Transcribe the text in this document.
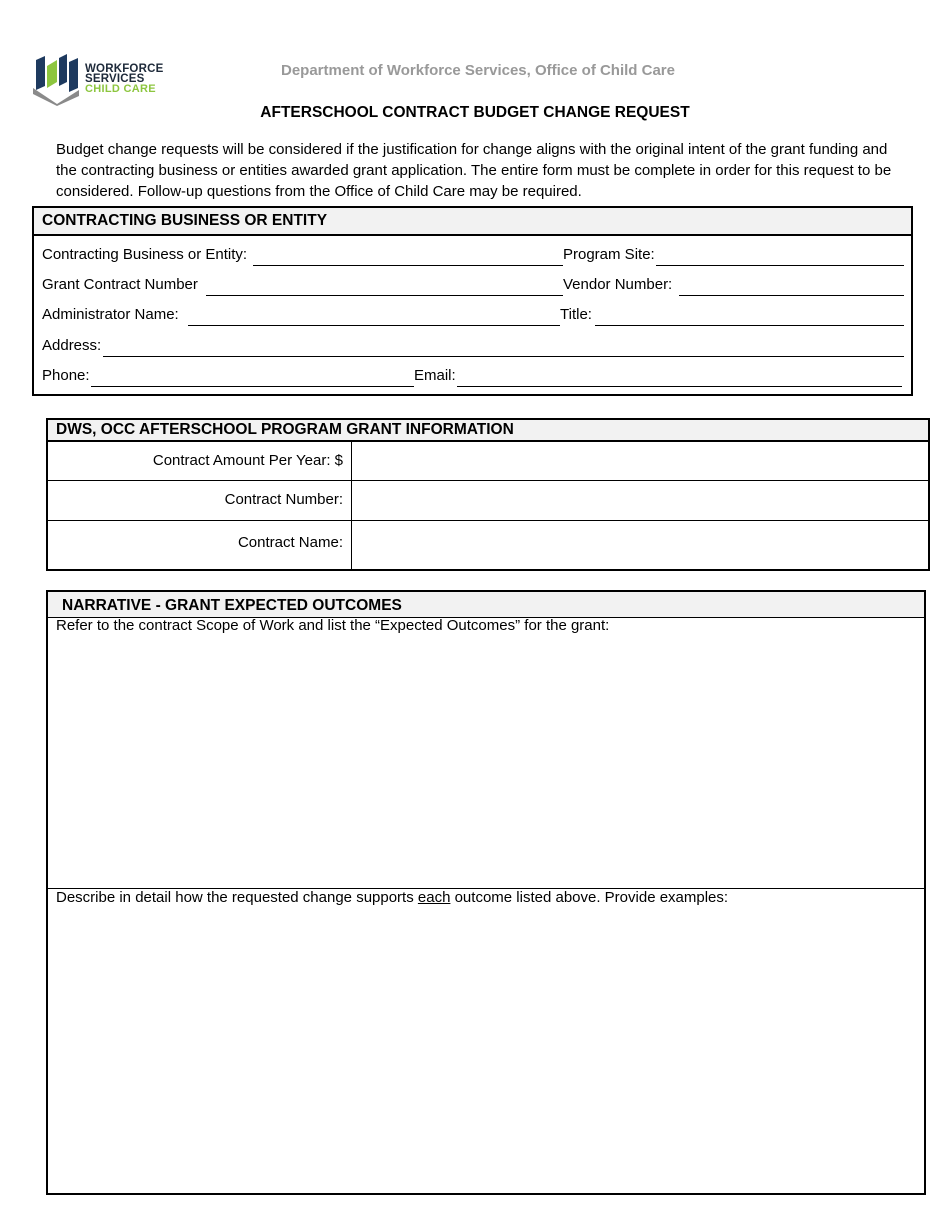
WORKFORCE
SERVICES
CHILD CARE
Department of Workforce Services, Office of Child Care
AFTERSCHOOL CONTRACT BUDGET CHANGE REQUEST
Budget change requests will be considered if the justification for change aligns with the original intent of the grant funding and the contracting business or entities awarded grant application. The entire form must be complete in order for this request to be considered. Follow-up questions from the Office of Child Care may be required.
CONTRACTING BUSINESS OR ENTITY
Contracting Business or Entity:	Program Site:
Grant Contract Number	Vendor Number:
Administrator Name:	Title:
Address:
Phone:	Email:
DWS, OCC AFTERSCHOOL PROGRAM GRANT INFORMATION
Contract Amount Per Year: $
Contract Number:
Contract Name:
NARRATIVE - GRANT EXPECTED OUTCOMES
Refer to the contract Scope of Work and list the “Expected Outcomes” for the grant:
Describe in detail how the requested change supports each outcome listed above. Provide examples:
